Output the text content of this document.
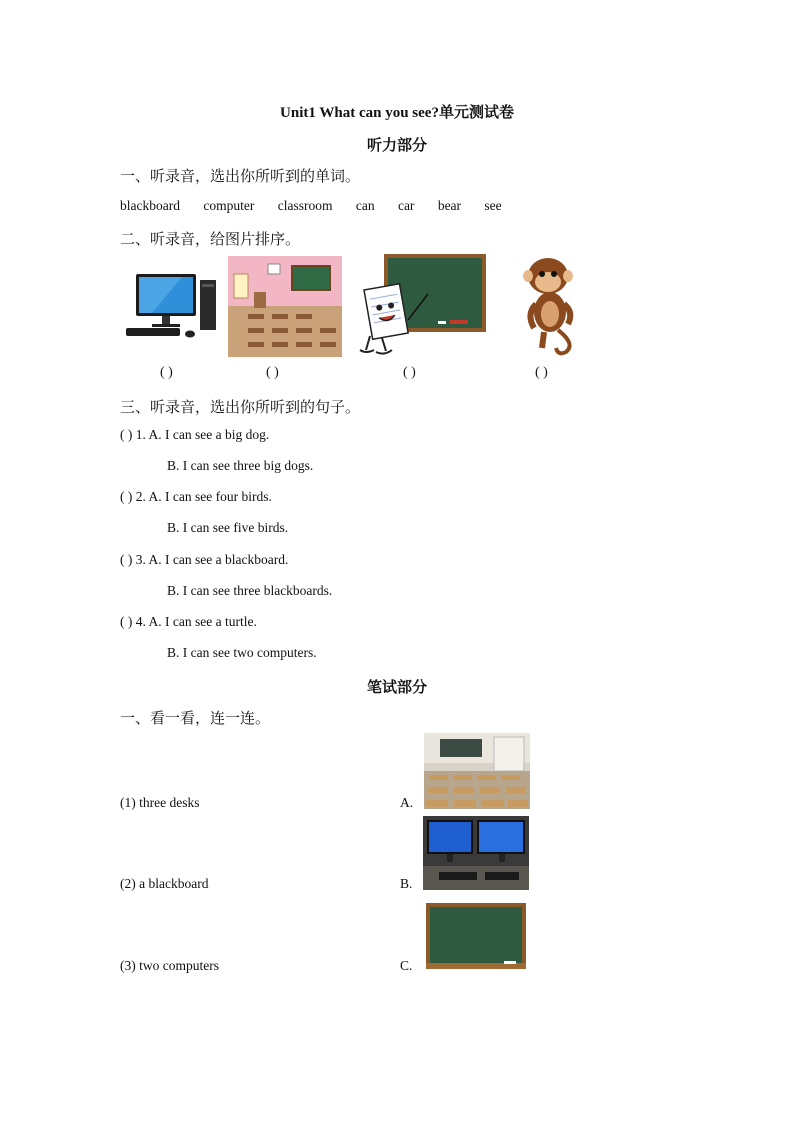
Unit1 What can you see?单元测试卷
听力部分
一、听录音，选出你所听到的单词。
blackboard computer classroom can car bear see
二、听录音，给图片排序。
( )	( )	( )	( )
三、听录音，选出你所听到的句子。
( ) 1. A. I can see a big dog.
B. I can see three big dogs.
( ) 2. A. I can see four birds.
B. I can see five birds.
( ) 3. A. I can see a blackboard.
B. I can see three blackboards.
( ) 4. A. I can see a turtle.
B. I can see two computers.
笔试部分
一、看一看，连一连。
(1) three desks
(2) a blackboard
(3) two computers
A.
B.
C.
